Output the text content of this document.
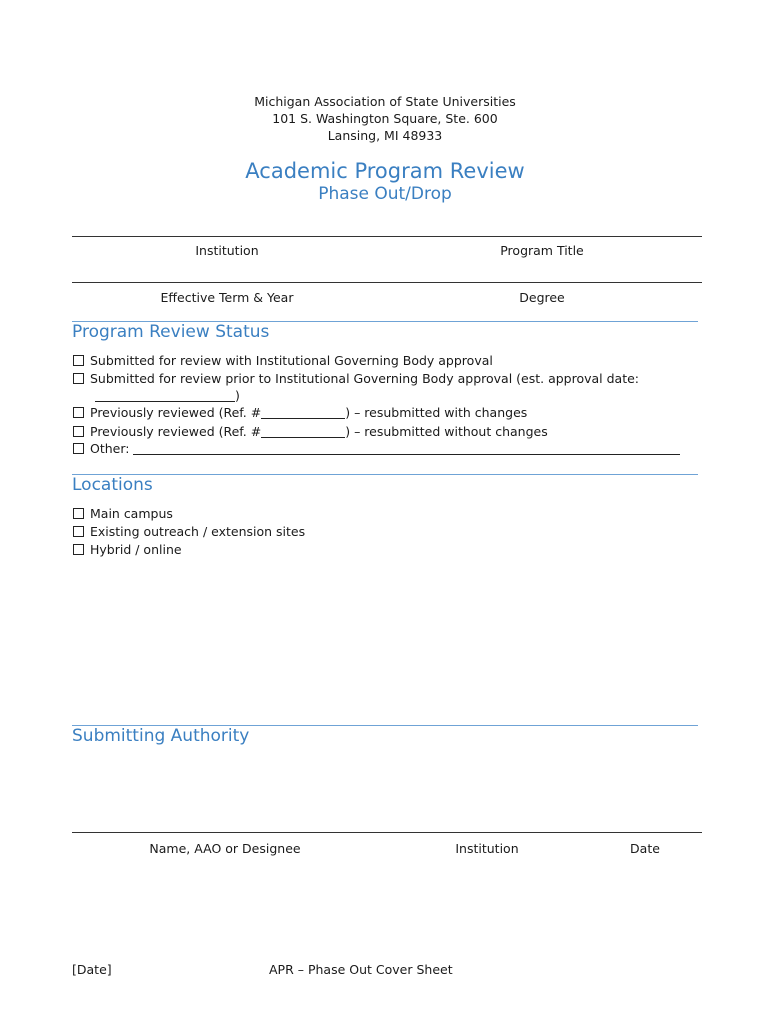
Michigan Association of State Universities
101 S. Washington Square, Ste. 600
Lansing, MI 48933
Academic Program Review
Phase Out/Drop
Institution	Program Title
Effective Term & Year	Degree
Program Review Status
Submitted for review with Institutional Governing Body approval
Submitted for review prior to Institutional Governing Body approval (est. approval date:
)
Previously reviewed (Ref. #	) – resubmitted with changes
Previously reviewed (Ref. #	) – resubmitted without changes
Other:
Locations
Main campus
Existing outreach / extension sites
Hybrid / online
Submitting Authority
Name, AAO or Designee	Institution	Date
[Date]	APR – Phase Out Cover Sheet
